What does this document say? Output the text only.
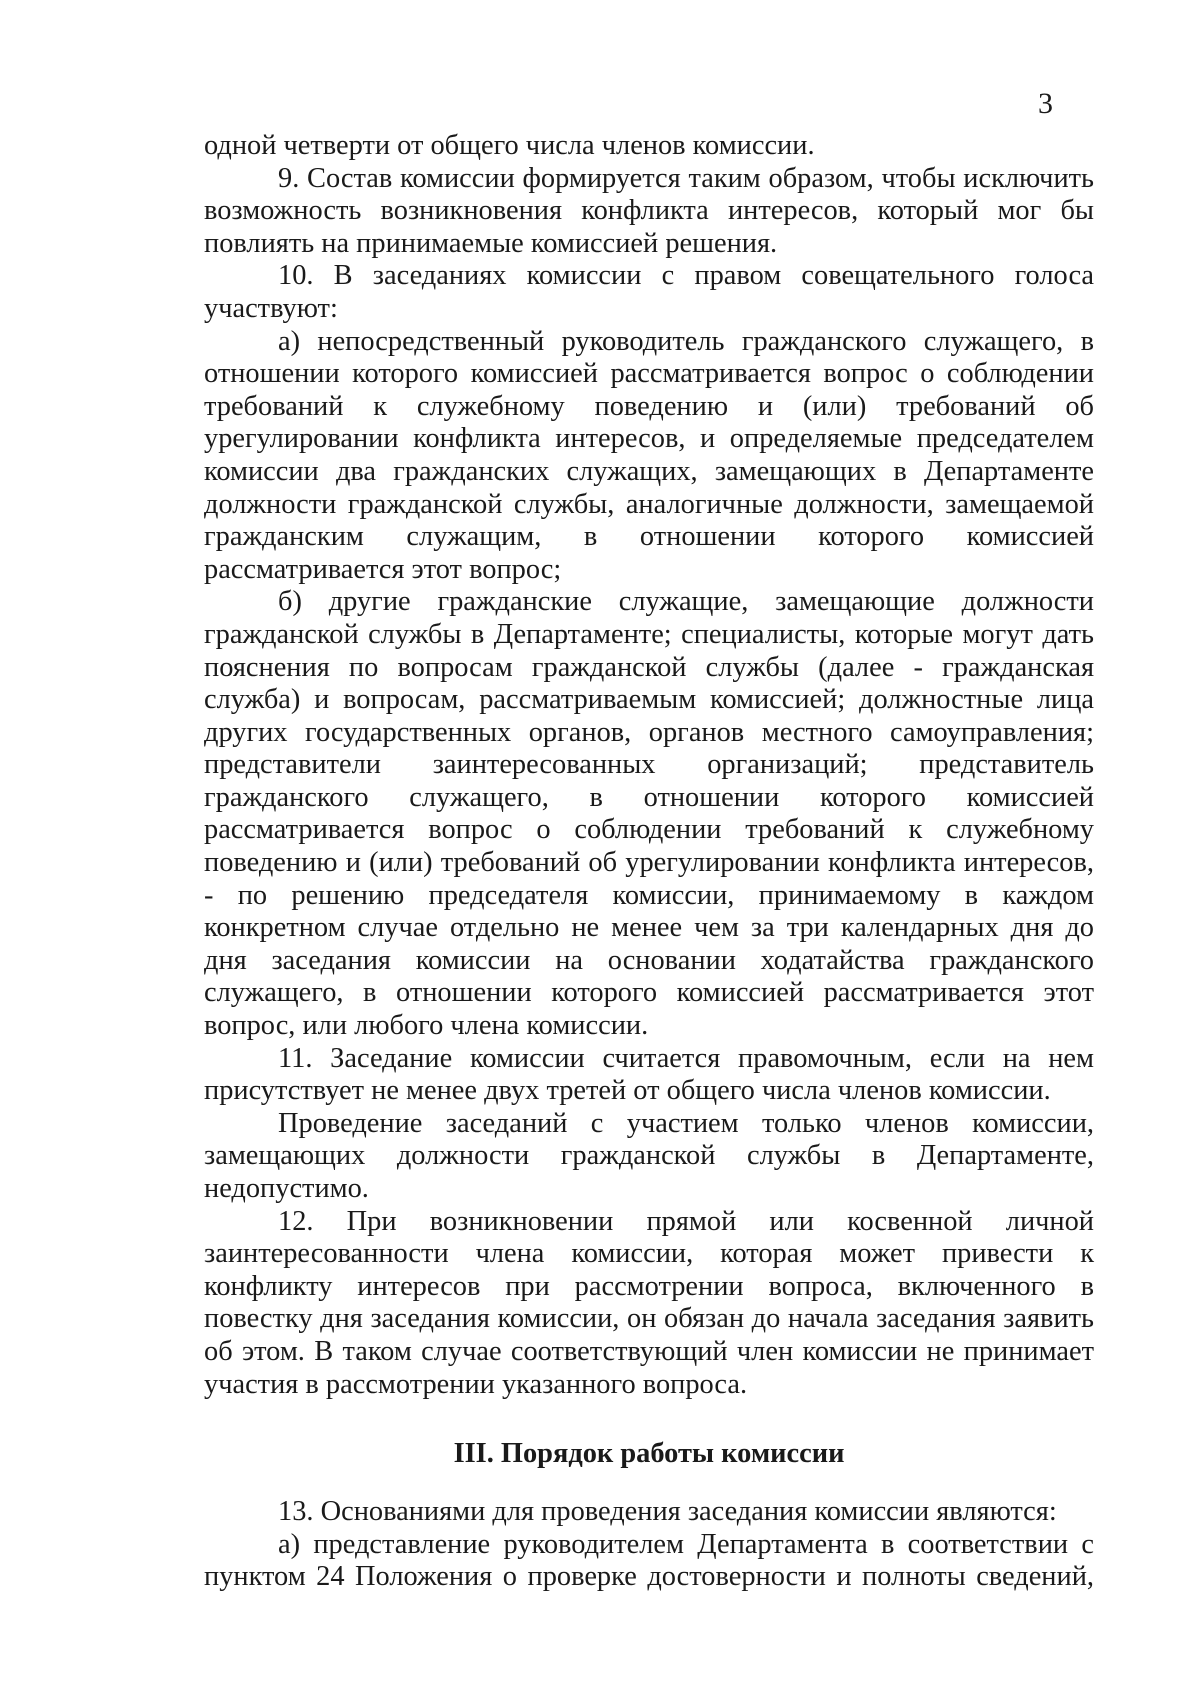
3

одной четверти от общего числа членов комиссии.

9. Состав комиссии формируется таким образом, чтобы исключить возможность возникновения конфликта интересов, который мог бы повлиять на принимаемые комиссией решения.

10. В заседаниях комиссии с правом совещательного голоса участвуют:

а) непосредственный руководитель гражданского служащего, в отношении которого комиссией рассматривается вопрос о соблюдении требований к служебному поведению и (или) требований об урегулировании конфликта интересов, и определяемые председателем комиссии два гражданских служащих, замещающих в Департаменте должности гражданской службы, аналогичные должности, замещаемой гражданским служащим, в отношении которого комиссией рассматривается этот вопрос;

б) другие гражданские служащие, замещающие должности гражданской службы в Департаменте; специалисты, которые могут дать пояснения по вопросам гражданской службы (далее - гражданская служба) и вопросам, рассматриваемым комиссией; должностные лица других государственных органов, органов местного самоуправления; представители заинтересованных организаций; представитель гражданского служащего, в отношении которого комиссией рассматривается вопрос о соблюдении требований к служебному поведению и (или) требований об урегулировании конфликта интересов, - по решению председателя комиссии, принимаемому в каждом конкретном случае отдельно не менее чем за три календарных дня до дня заседания комиссии на основании ходатайства гражданского служащего, в отношении которого комиссией рассматривается этот вопрос, или любого члена комиссии.

11. Заседание комиссии считается правомочным, если на нем присутствует не менее двух третей от общего числа членов комиссии.

Проведение заседаний с участием только членов комиссии, замещающих должности гражданской службы в Департаменте, недопустимо.

12. При возникновении прямой или косвенной личной заинтересованности члена комиссии, которая может привести к конфликту интересов при рассмотрении вопроса, включенного в повестку дня заседания комиссии, он обязан до начала заседания заявить об этом. В таком случае соответствующий член комиссии не принимает участия в рассмотрении указанного вопроса.

III. Порядок работы комиссии

13. Основаниями для проведения заседания комиссии являются:

а) представление руководителем Департамента в соответствии с пунктом 24 Положения о проверке достоверности и полноты сведений,
